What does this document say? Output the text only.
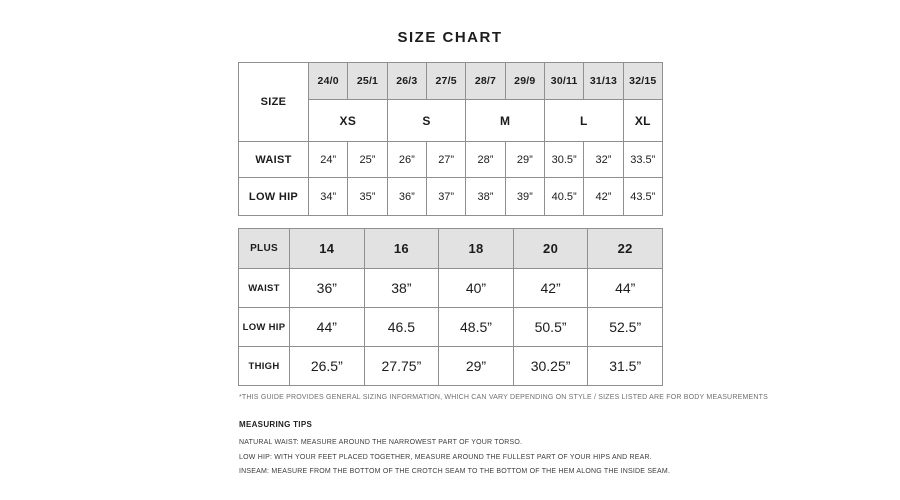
SIZE CHART
SIZE	24/0	25/1	26/3	27/5	28/7	29/9	30/11	31/13	32/15
	XS		S		M		L		XL
WAIST	24”	25”	26”	27”	28”	29”	30.5”	32”	33.5”
LOW HIP	34”	35”	36”	37”	38”	39”	40.5”	42”	43.5”
PLUS	14	16	18	20	22
WAIST	36”	38”	40”	42”	44”
LOW HIP	44”	46.5	48.5”	50.5”	52.5”
THIGH	26.5”	27.75”	29”	30.25”	31.5”
*THIS GUIDE PROVIDES GENERAL SIZING INFORMATION, WHICH CAN VARY DEPENDING ON STYLE / SIZES LISTED ARE FOR BODY MEASUREMENTS
MEASURING TIPS

NATURAL WAIST: MEASURE AROUND THE NARROWEST PART OF YOUR TORSO.

LOW HIP: WITH YOUR FEET PLACED TOGETHER, MEASURE AROUND THE FULLEST PART OF YOUR HIPS AND REAR.

INSEAM: MEASURE FROM THE BOTTOM OF THE CROTCH SEAM TO THE BOTTOM OF THE HEM ALONG THE INSIDE SEAM.
